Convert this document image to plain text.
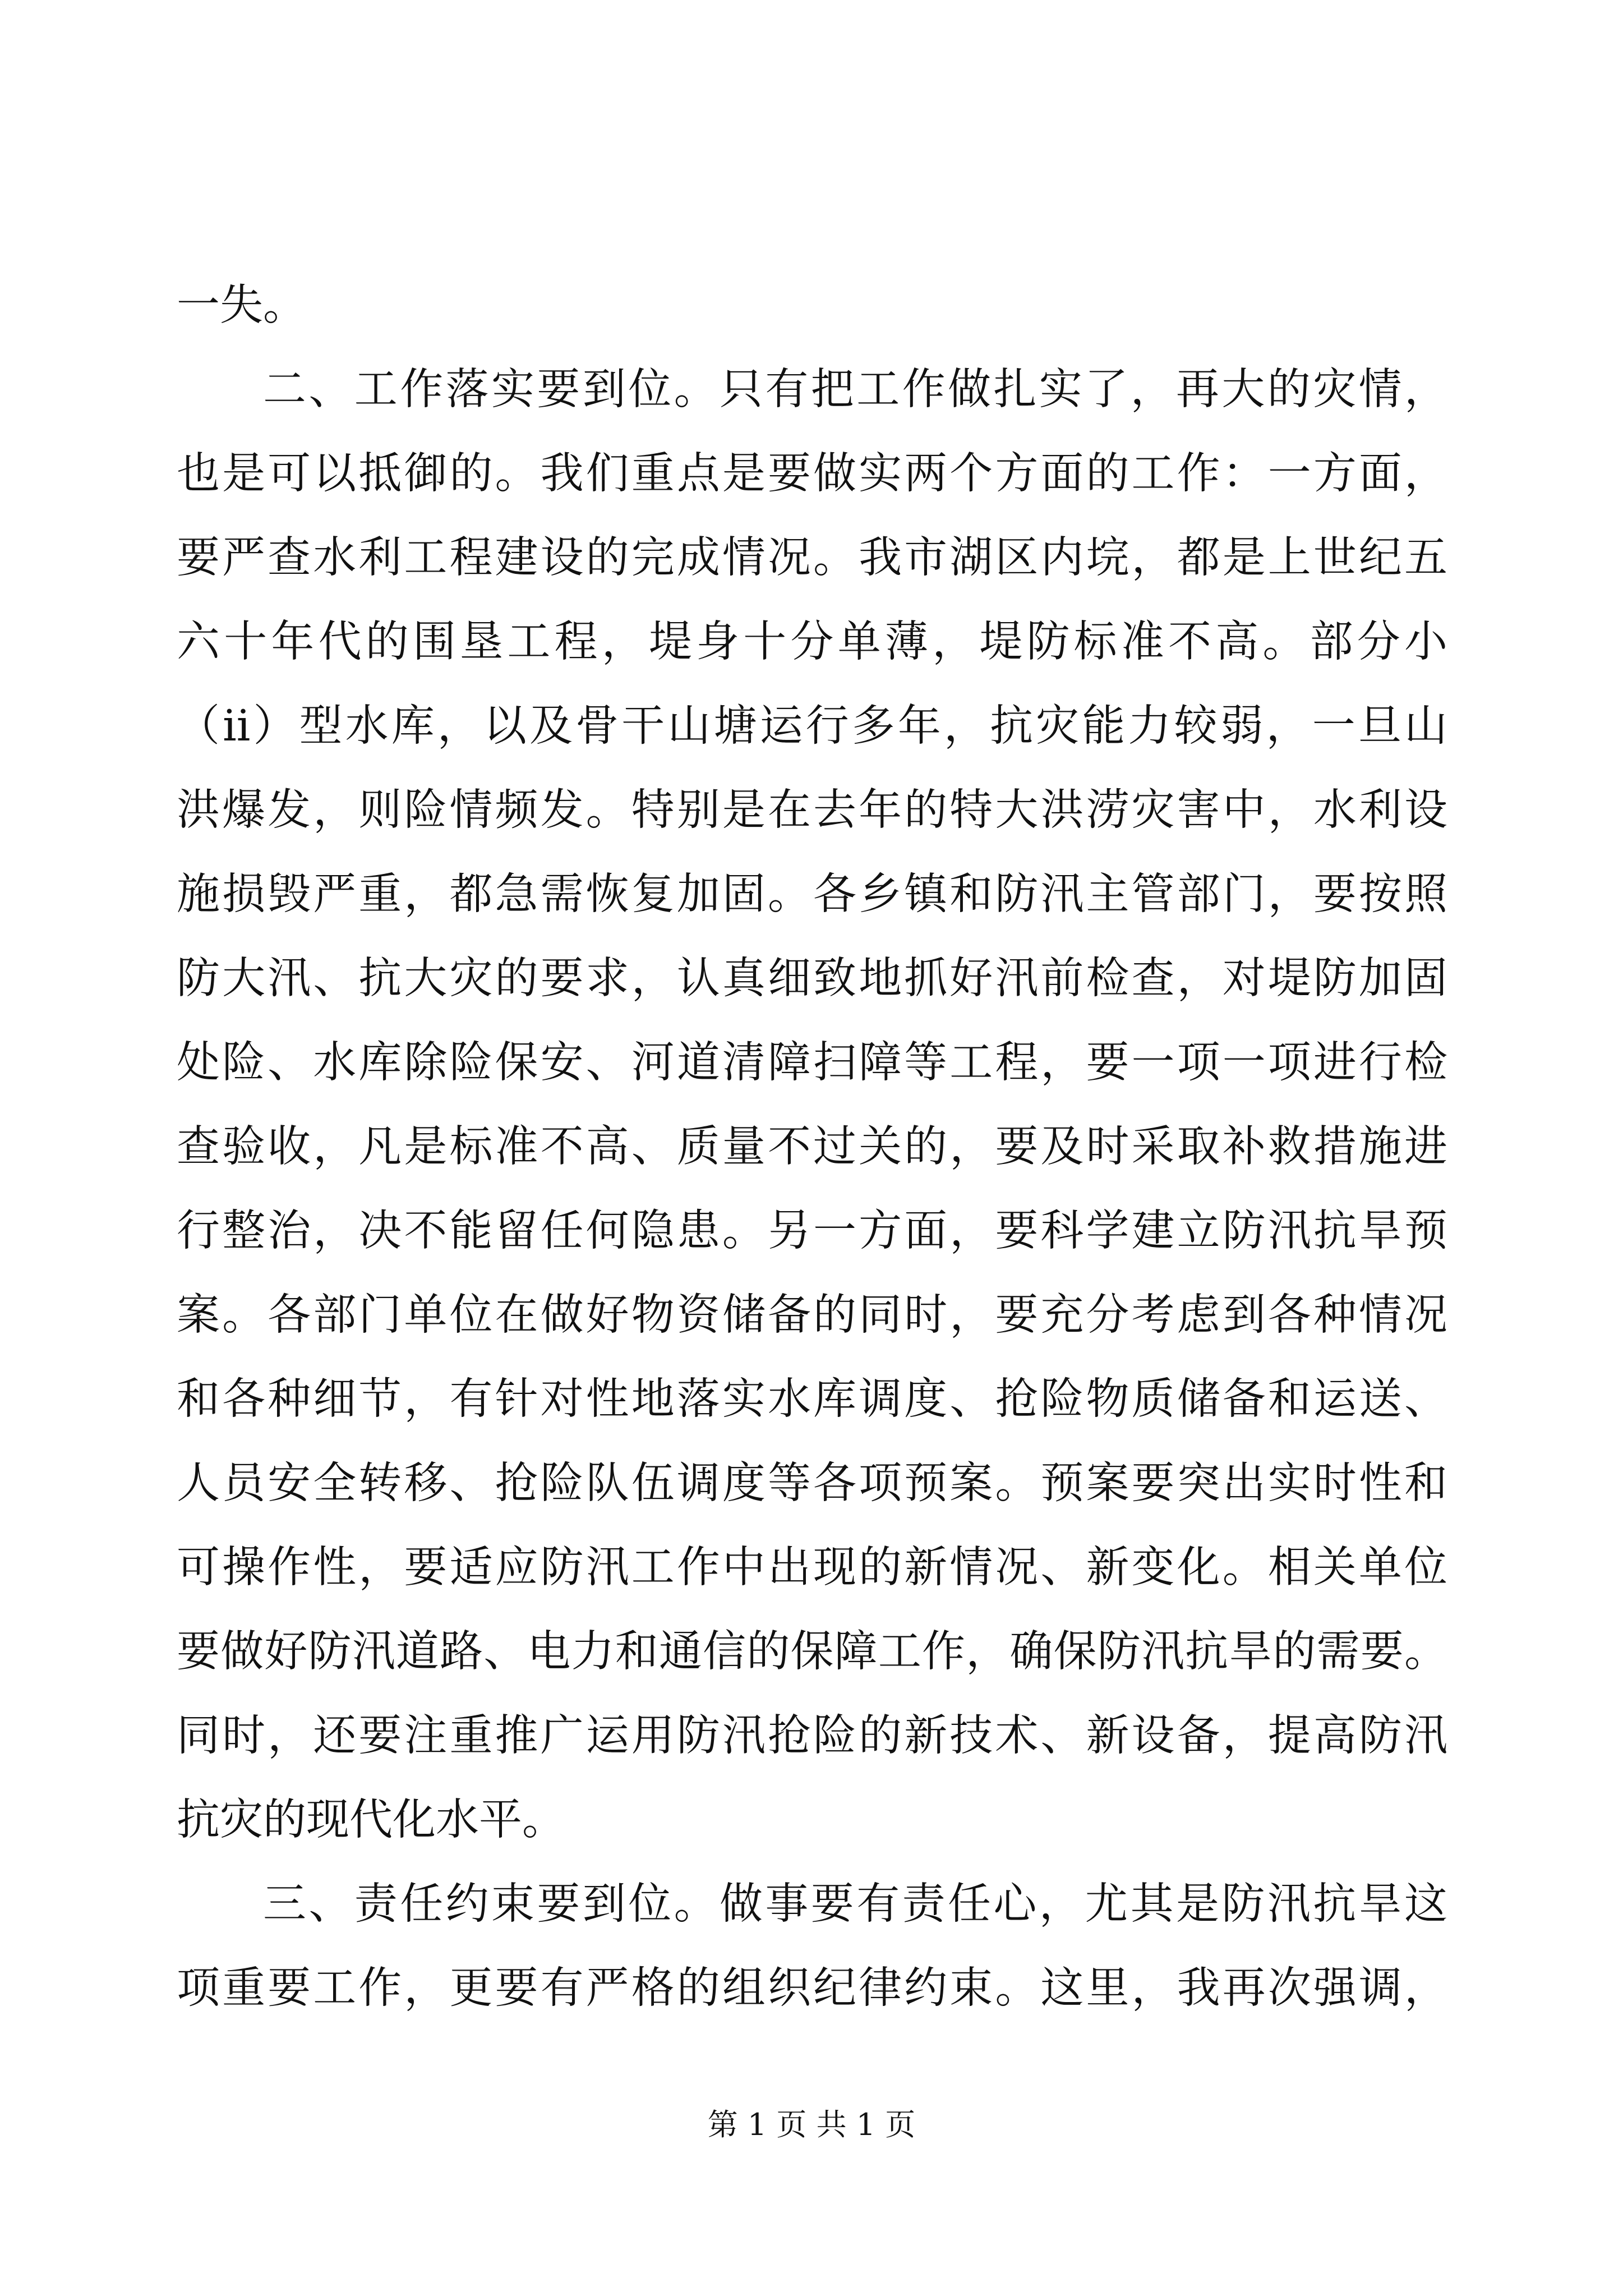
一失。
二、工作落实要到位。只有把工作做扎实了，再大的灾情，
也是可以抵御的。我们重点是要做实两个方面的工作：一方面，
要严查水利工程建设的完成情况。我市湖区内垸，都是上世纪五
六十年代的围垦工程，堤身十分单薄，堤防标准不高。部分小
（ii）型水库，以及骨干山塘运行多年，抗灾能力较弱，一旦山
洪爆发，则险情频发。特别是在去年的特大洪涝灾害中，水利设
施损毁严重，都急需恢复加固。各乡镇和防汛主管部门，要按照
防大汛、抗大灾的要求，认真细致地抓好汛前检查，对堤防加固
处险、水库除险保安、河道清障扫障等工程，要一项一项进行检
查验收，凡是标准不高、质量不过关的，要及时采取补救措施进
行整治，决不能留任何隐患。另一方面，要科学建立防汛抗旱预
案。各部门单位在做好物资储备的同时，要充分考虑到各种情况
和各种细节，有针对性地落实水库调度、抢险物质储备和运送、
人员安全转移、抢险队伍调度等各项预案。预案要突出实时性和
可操作性，要适应防汛工作中出现的新情况、新变化。相关单位
要做好防汛道路、电力和通信的保障工作，确保防汛抗旱的需要。
同时，还要注重推广运用防汛抢险的新技术、新设备，提高防汛
抗灾的现代化水平。
三、责任约束要到位。做事要有责任心，尤其是防汛抗旱这
项重要工作，更要有严格的组织纪律约束。这里，我再次强调，
第 1 页 共 1 页
